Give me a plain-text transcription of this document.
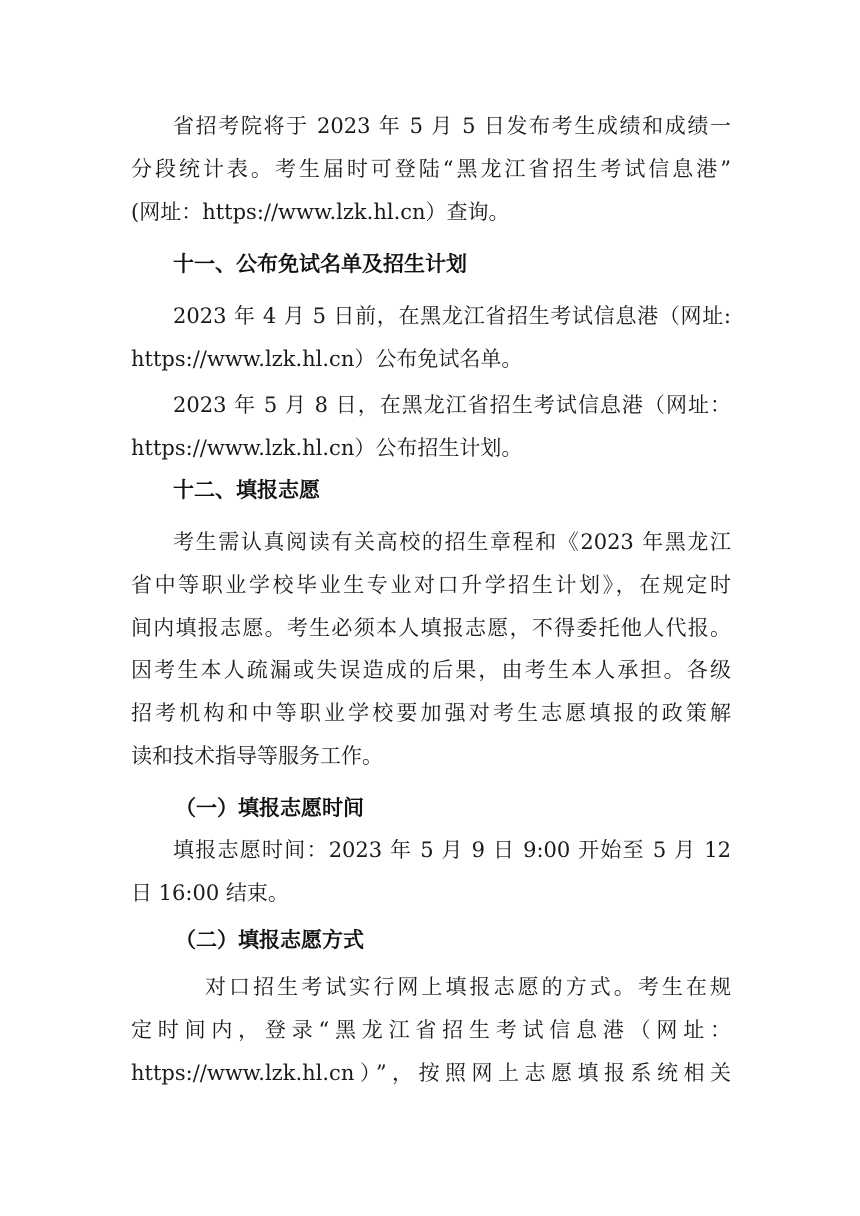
省招考院将于 2023 年 5 月 5 日发布考生成绩和成绩一

分段统计表。考生届时可登陆“黑龙江省招生考试信息港”

(网址：https://www.lzk.hl.cn）查询。

十一、公布免试名单及招生计划

2023 年 4 月 5 日前，在黑龙江省招生考试信息港（网址:

https://www.lzk.hl.cn）公布免试名单。

2023 年 5 月 8 日，在黑龙江省招生考试信息港（网址：

https://www.lzk.hl.cn）公布招生计划。

十二、填报志愿

考生需认真阅读有关高校的招生章程和《2023 年黑龙江

省中等职业学校毕业生专业对口升学招生计划》，在规定时

间内填报志愿。考生必须本人填报志愿，不得委托他人代报。

因考生本人疏漏或失误造成的后果，由考生本人承担。各级

招考机构和中等职业学校要加强对考生志愿填报的政策解

读和技术指导等服务工作。

（一）填报志愿时间

填报志愿时间：2023 年 5 月 9 日 9:00 开始至 5 月 12

日 16:00 结束。

（二）填报志愿方式

对口招生考试实行网上填报志愿的方式。考生在规

定时间内，登录“黑龙江省招生考试信息港（网址：

https://www.lzk.hl.cn）”，按照网上志愿填报系统相关
